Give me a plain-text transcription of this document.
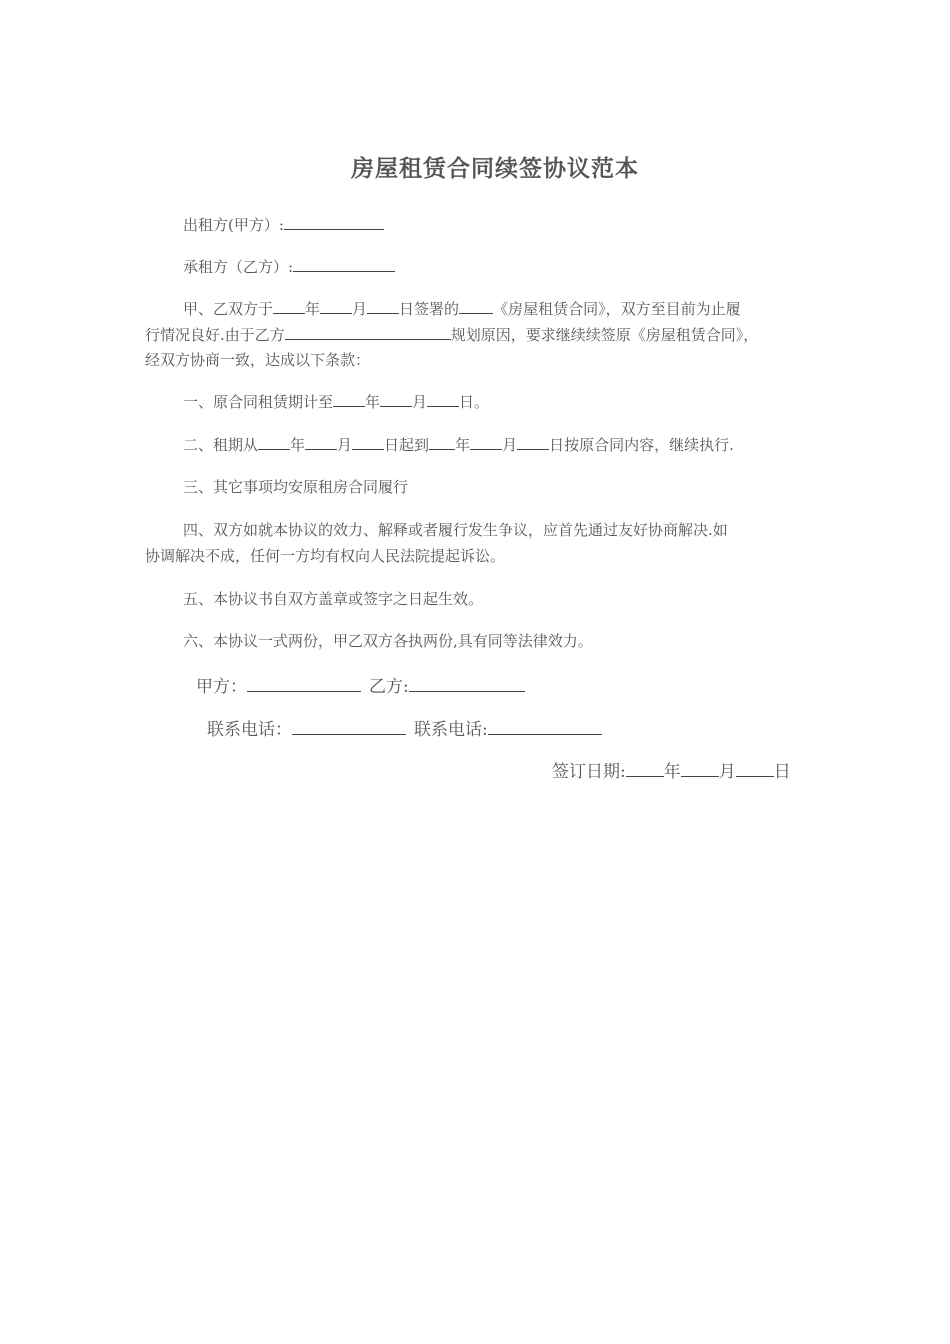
房屋租赁合同续签协议范本
出租方(甲方）:
承租方（乙方）:
甲、乙双方于 年 月 日签署的 《房屋租赁合同》，双方至目前为止履
行情况良好.由于乙方	规划原因，要求继续续签原《房屋租赁合同》，
经双方协商一致，达成以下条款：
一、原合同租赁期计至 年 月 日。
二、租期从 年 月 日起到 年 月 日按原合同内容，继续执行.
三、其它事项均安原租房合同履行
四、双方如就本协议的效力、解释或者履行发生争议，应首先通过友好协商解决.如
协调解决不成，任何一方均有权向人民法院提起诉讼。
五、本协议书自双方盖章或签字之日起生效。
六、本协议一式两份，甲乙双方各执两份,具有同等法律效力。
甲方：	乙方:
联系电话：	联系电话:
签订日期: 年 月 日
